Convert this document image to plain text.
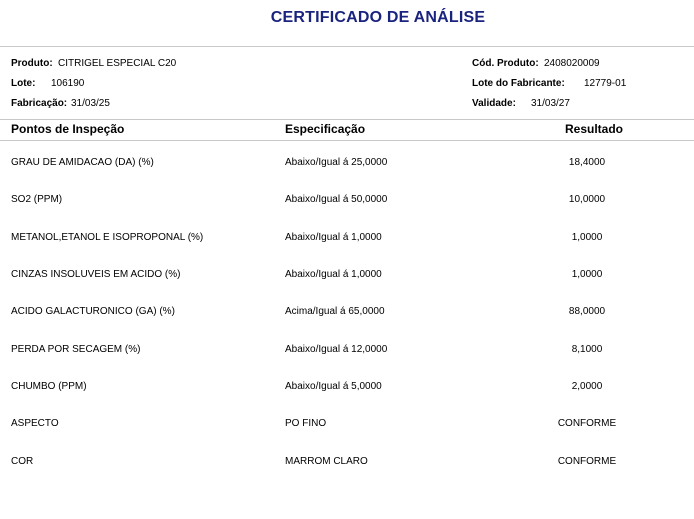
CERTIFICADO DE ANÁLISE
Produto: CITRIGEL ESPECIAL C20
Lote: 106190
Fabricação: 31/03/25
Cód. Produto: 2408020009
Lote do Fabricante: 12779-01
Validade: 31/03/27
Pontos de Inspeção	Especificação	Resultado
GRAU DE AMIDACAO (DA) (%)	Abaixo/Igual á 25,0000	18,4000
SO2 (PPM)	Abaixo/Igual á 50,0000	10,0000
METANOL,ETANOL E ISOPROPONAL (%)	Abaixo/Igual á 1,0000	1,0000
CINZAS INSOLUVEIS EM ACIDO (%)	Abaixo/Igual á 1,0000	1,0000
ACIDO GALACTURONICO (GA) (%)	Acima/Igual á 65,0000	88,0000
PERDA POR SECAGEM (%)	Abaixo/Igual á 12,0000	8,1000
CHUMBO (PPM)	Abaixo/Igual á 5,0000	2,0000
ASPECTO	PO FINO	CONFORME
COR	MARROM CLARO	CONFORME
